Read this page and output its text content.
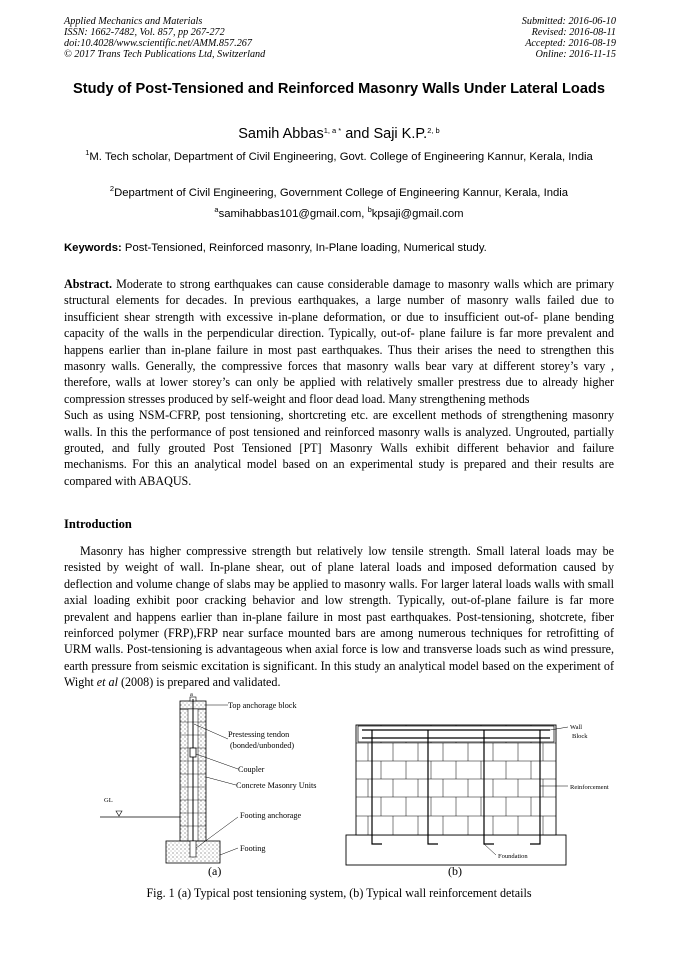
Applied Mechanics and Materials
ISSN: 1662-7482, Vol. 857, pp 267-272
doi:10.4028/www.scientific.net/AMM.857.267
© 2017 Trans Tech Publications Ltd, Switzerland
Submitted: 2016-06-10
Revised: 2016-08-11
Accepted: 2016-08-19
Online: 2016-11-15
Study of Post-Tensioned and Reinforced Masonry Walls Under Lateral Loads
Samih Abbas$^{1, a *}$ and Saji K.P.$^{2, b}$
$^1$M. Tech scholar, Department of Civil Engineering, Govt. College of Engineering Kannur, Kerala, India
$^2$Department of Civil Engineering, Government College of Engineering Kannur, Kerala, India
$^a$samihabbas101@gmail.com, $^b$kpsaji@gmail.com
Keywords: Post-Tensioned, Reinforced masonry, In-Plane loading, Numerical study.
Abstract. Moderate to strong earthquakes can cause considerable damage to masonry walls which are primary structural elements for decades. In previous earthquakes, a large number of masonry walls failed due to insufficient shear strength with excessive in-plane deformation, or due to insufficient out-of- plane bending capacity of the walls in the perpendicular direction. Typically, out-of- plane failure is far more prevalent and happens earlier than in-plane failure in most past earthquakes. Thus their arises the need to strengthen this masonry walls. Generally, the compressive forces that masonry walls bear vary at different storey’s vary , therefore, walls at lower storey’s can only be applied with relatively smaller prestress due to already higher compression stresses produced by self-weight and floor dead load. Many strengthening methods
Such as using NSM-CFRP, post tensioning, shortcreting etc. are excellent methods of strengthening masonry walls. In this the performance of post tensioned and reinforced masonry walls is analyzed. Ungrouted, partially grouted, and fully grouted Post Tensioned [PT] Masonry Walls exhibit different behavior and failure mechanisms. For this an analytical model based on an experimental study is prepared and their results are compared with ABAQUS.
Introduction

Masonry has higher compressive strength but relatively low tensile strength. Small lateral loads may be resisted by weight of wall. In-plane shear, out of plane lateral loads and imposed deformation caused by deflection and volume change of slabs may be applied to masonry walls. For larger lateral loads walls with small axial loading exhibit poor cracking behavior and low strength. Typically, out-of-plane failure is far more prevalent and happens earlier than in-plane failure in most past earthquakes. Post-tensioning, shotcrete, fiber reinforced polymer (FRP),FRP near surface mounted bars are among numerous techniques for retrofitting of URM walls. Post-tensioning is advantageous when axial force is low and transverse loads such as wind pressure, earth pressure from seismic excitation is significant. In this study an analytical model based on the experiment of Wight et al (2008) is prepared and validated.

a
Top anchorage block
Prestessing tendon
(bonded/unbonded)
Coupler
Concrete Masonry Units
GL
Footing anchorage
Footing
Wall
Block
Reinforcement
Foundation
(a)	(b)
Fig. 1 (a) Typical post tensioning system, (b) Typical wall reinforcement details
